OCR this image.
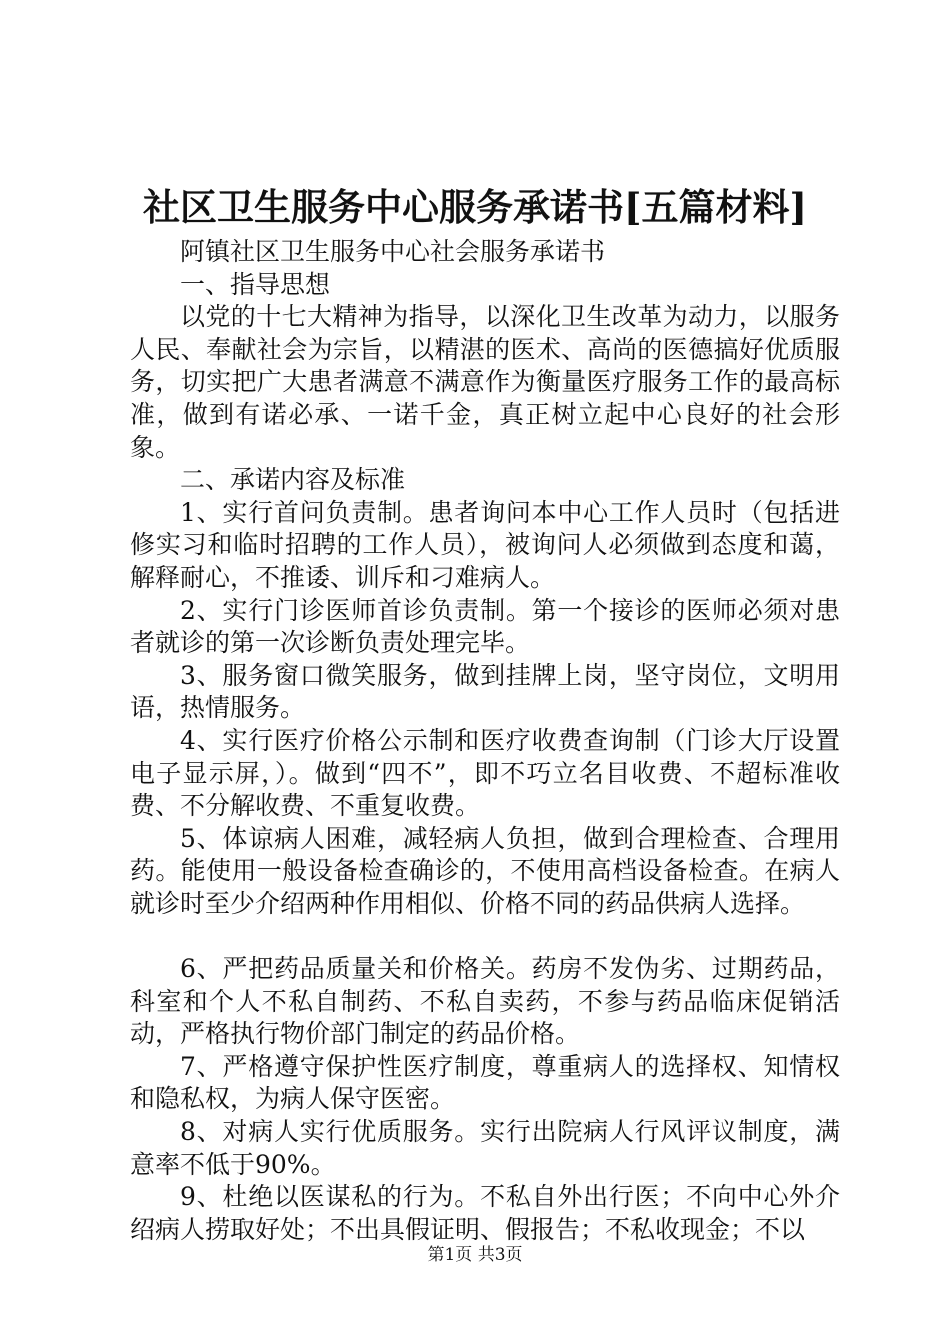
社区卫生服务中心服务承诺书[五篇材料]

阿镇社区卫生服务中心社会服务承诺书

一、指导思想

以党的十七大精神为指导，以深化卫生改革为动力，以服务人民、奉献社会为宗旨，以精湛的医术、高尚的医德搞好优质服务，切实把广大患者满意不满意作为衡量医疗服务工作的最高标准，做到有诺必承、一诺千金，真正树立起中心良好的社会形象。

二、承诺内容及标准

1、实行首问负责制。患者询问本中心工作人员时（包括进修实习和临时招聘的工作人员），被询问人必须做到态度和蔼，解释耐心，不推诿、训斥和刁难病人。

2、实行门诊医师首诊负责制。第一个接诊的医师必须对患者就诊的第一次诊断负责处理完毕。

3、服务窗口微笑服务，做到挂牌上岗，坚守岗位，文明用语，热情服务。

4、实行医疗价格公示制和医疗收费查询制（门诊大厅设置电子显示屏，）。做到“四不”，即不巧立名目收费、不超标准收费、不分解收费、不重复收费。

5、体谅病人困难，减轻病人负担，做到合理检查、合理用药。能使用一般设备检查确诊的，不使用高档设备检查。在病人就诊时至少介绍两种作用相似、价格不同的药品供病人选择。

6、严把药品质量关和价格关。药房不发伪劣、过期药品，科室和个人不私自制药、不私自卖药，不参与药品临床促销活动，严格执行物价部门制定的药品价格。

7、严格遵守保护性医疗制度，尊重病人的选择权、知情权和隐私权，为病人保守医密。

8、对病人实行优质服务。实行出院病人行风评议制度，满意率不低于90%。

9、杜绝以医谋私的行为。不私自外出行医；不向中心外介绍病人捞取好处；不出具假证明、假报告；不私收现金；不以

第1页 共3页
